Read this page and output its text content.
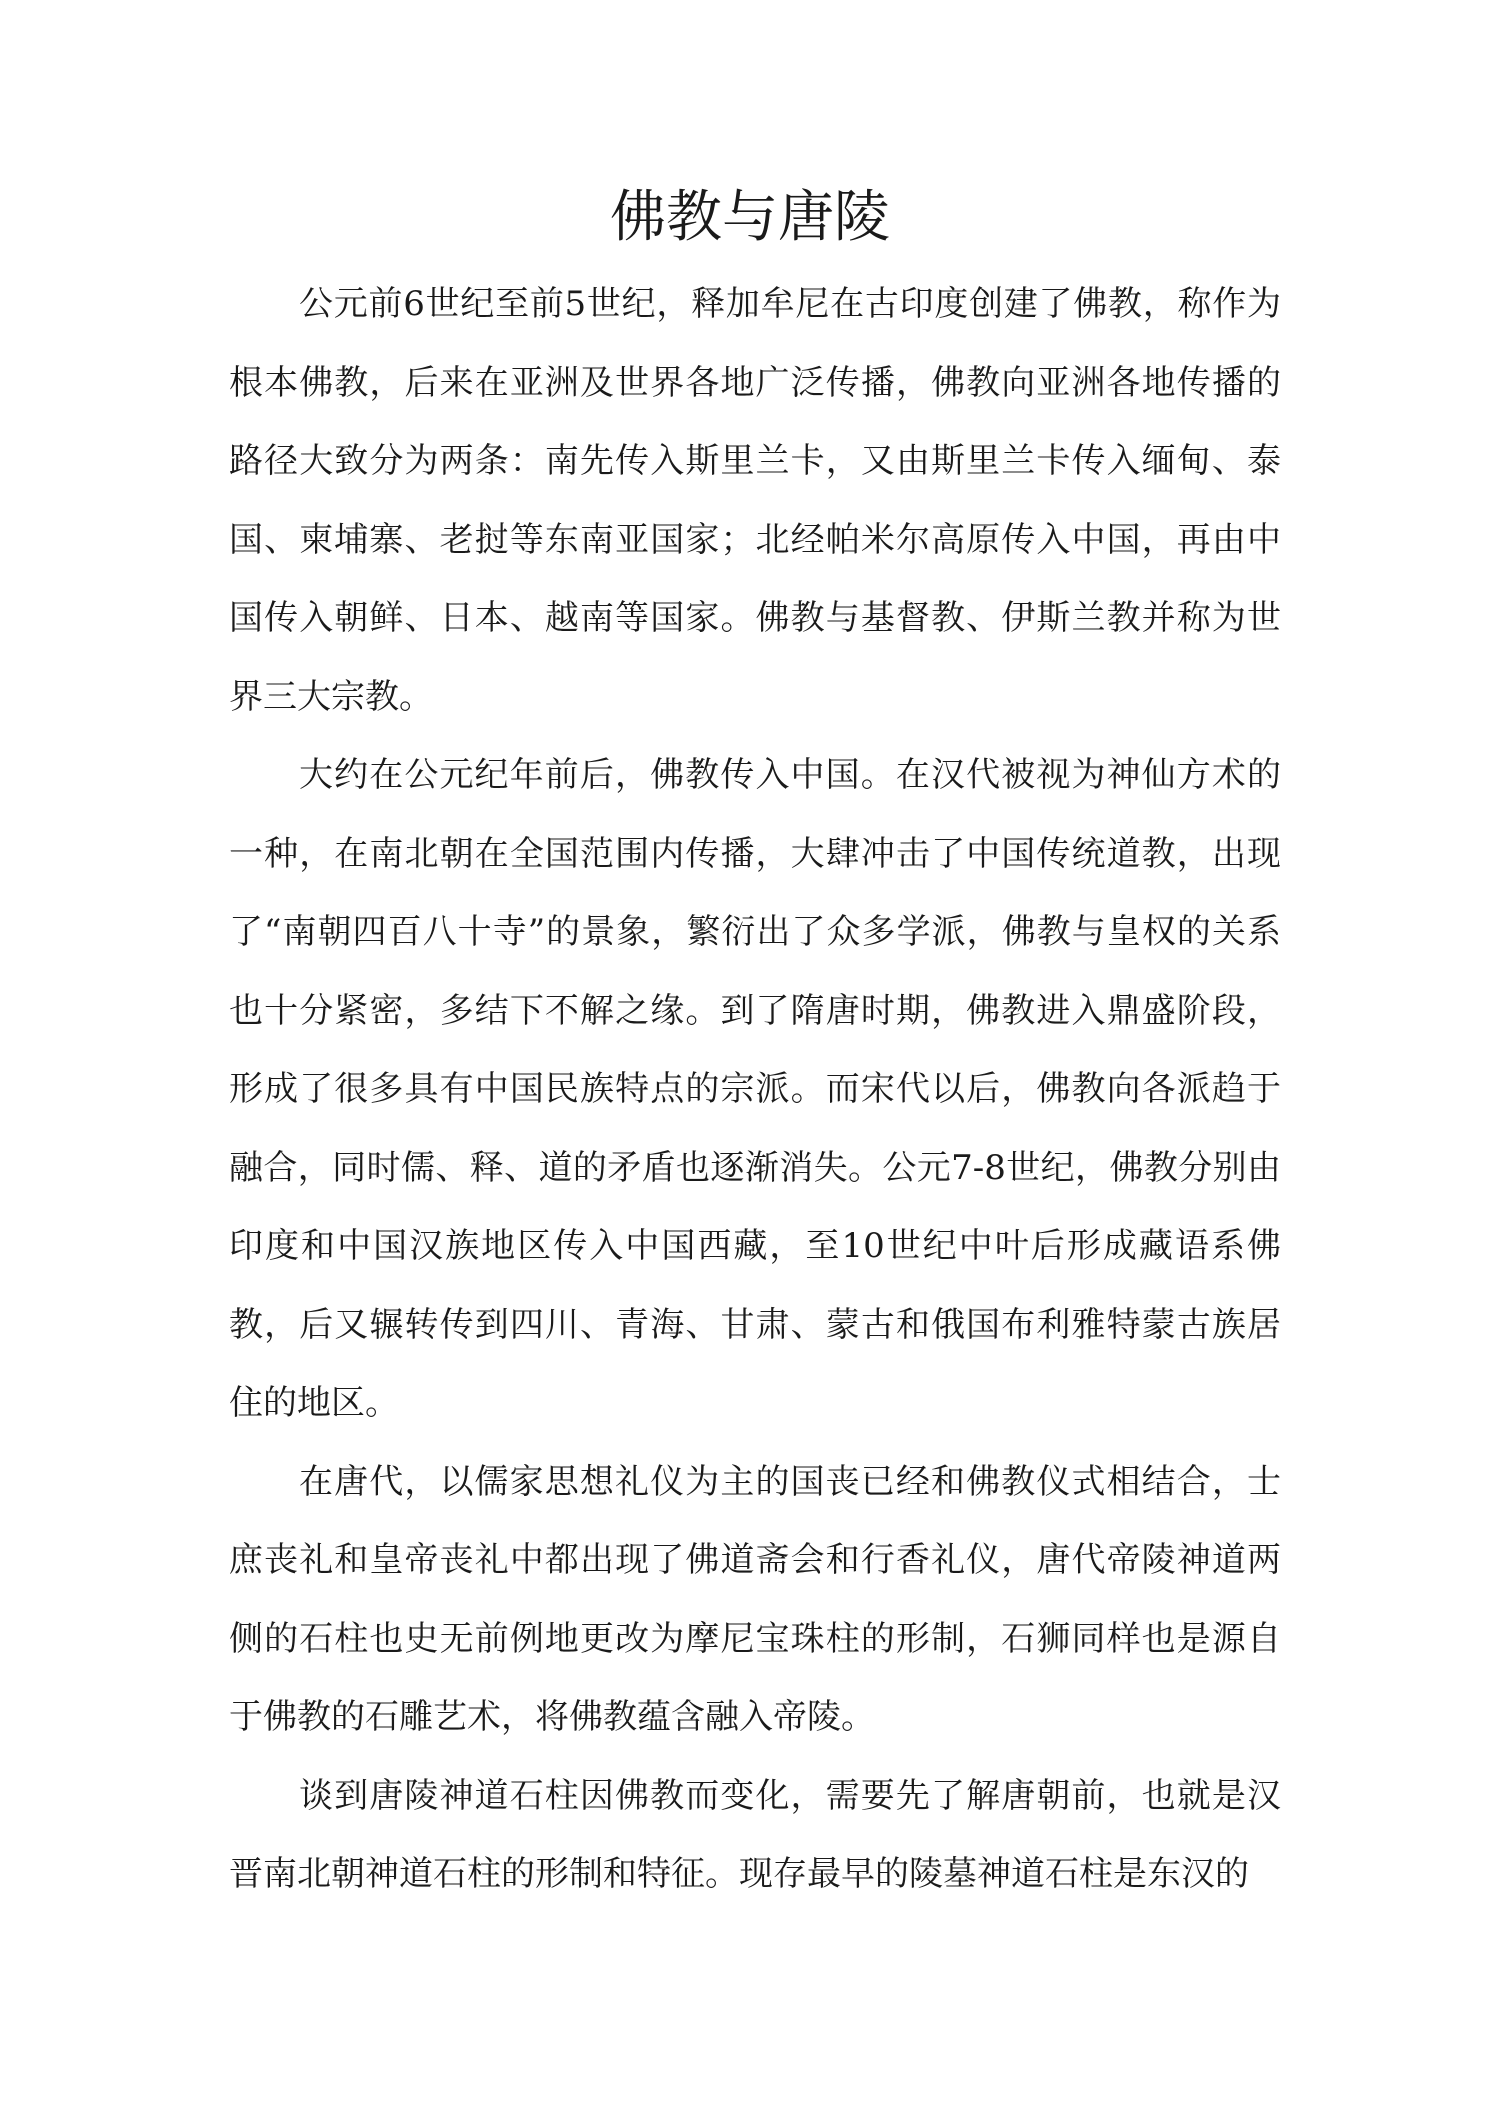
佛教与唐陵

公元前6世纪至前5世纪，释加牟尼在古印度创建了佛教，称作为根本佛教，后来在亚洲及世界各地广泛传播，佛教向亚洲各地传播的路径大致分为两条：南先传入斯里兰卡，又由斯里兰卡传入缅甸、泰国、柬埔寨、老挝等东南亚国家；北经帕米尔高原传入中国，再由中国传入朝鲜、日本、越南等国家。佛教与基督教、伊斯兰教并称为世界三大宗教。

大约在公元纪年前后，佛教传入中国。在汉代被视为神仙方术的一种，在南北朝在全国范围内传播，大肆冲击了中国传统道教，出现了“南朝四百八十寺”的景象，繁衍出了众多学派，佛教与皇权的关系也十分紧密，多结下不解之缘。到了隋唐时期，佛教进入鼎盛阶段，形成了很多具有中国民族特点的宗派。而宋代以后，佛教向各派趋于融合，同时儒、释、道的矛盾也逐渐消失。公元7-8世纪，佛教分别由印度和中国汉族地区传入中国西藏，至10世纪中叶后形成藏语系佛教，后又辗转传到四川、青海、甘肃、蒙古和俄国布利雅特蒙古族居住的地区。

在唐代，以儒家思想礼仪为主的国丧已经和佛教仪式相结合，士庶丧礼和皇帝丧礼中都出现了佛道斋会和行香礼仪，唐代帝陵神道两侧的石柱也史无前例地更改为摩尼宝珠柱的形制，石狮同样也是源自于佛教的石雕艺术，将佛教蕴含融入帝陵。

谈到唐陵神道石柱因佛教而变化，需要先了解唐朝前，也就是汉晋南北朝神道石柱的形制和特征。现存最早的陵墓神道石柱是东汉的
